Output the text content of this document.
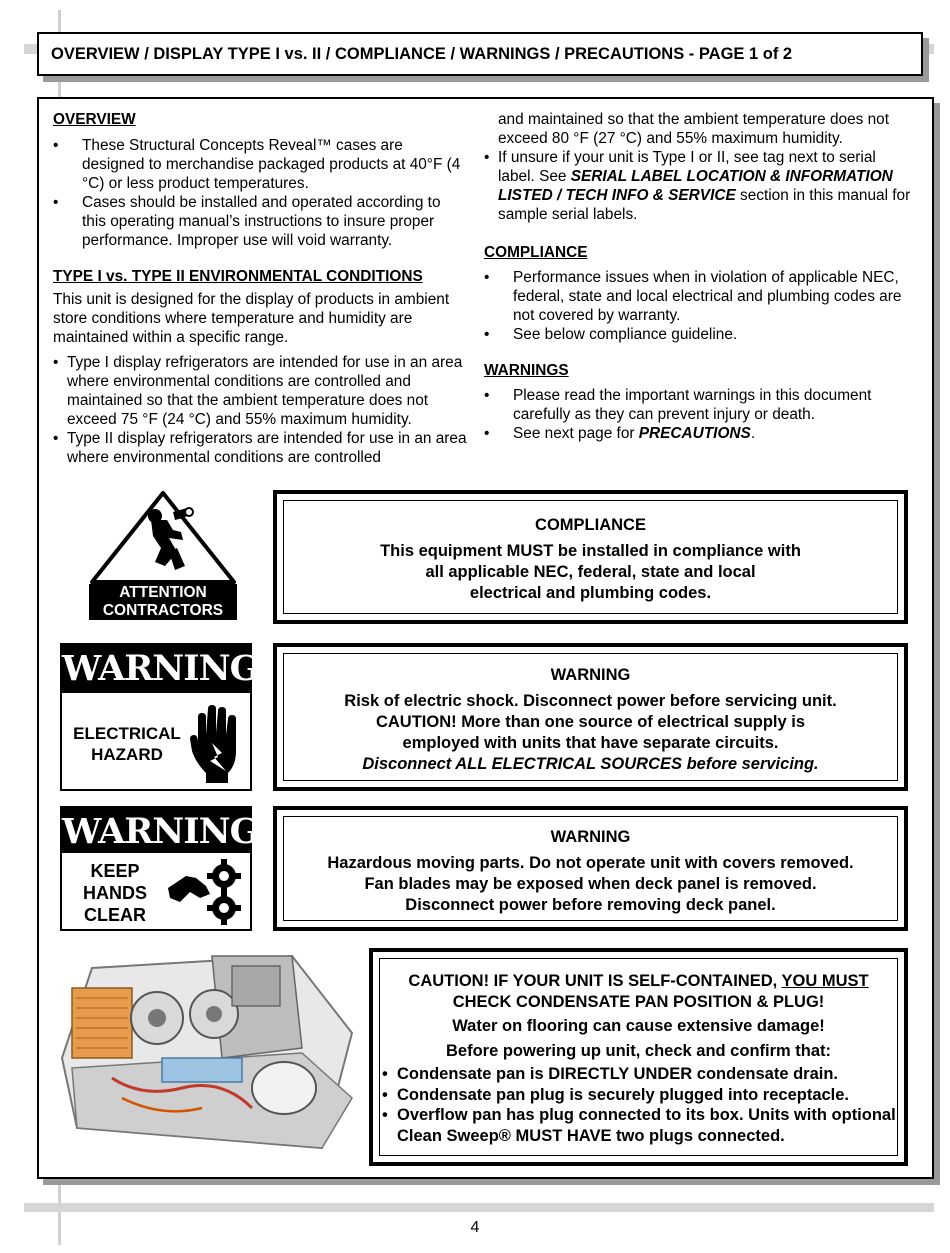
OVERVIEW / DISPLAY TYPE I vs. II / COMPLIANCE / WARNINGS / PRECAUTIONS - PAGE 1 of 2

OVERVIEW

• These Structural Concepts Reveal™ cases are designed to merchandise packaged products at 40°F (4 °C) or less product temperatures.
• Cases should be installed and operated according to this operating manual’s instructions to insure proper performance. Improper use will void warranty.

TYPE I vs. TYPE II ENVIRONMENTAL CONDITIONS

This unit is designed for the display of products in ambient store conditions where temperature and humidity are maintained within a specific range.

• Type I display refrigerators are intended for use in an area where environmental conditions are controlled and maintained so that the ambient temperature does not exceed 75 °F (24 °C) and 55% maximum humidity.
• Type II display refrigerators are intended for use in an area where environmental conditions are controlled

and maintained so that the ambient temperature does not exceed 80 °F (27 °C) and 55% maximum humidity.

• If unsure if your unit is Type I or II, see tag next to serial label. See SERIAL LABEL LOCATION & INFORMATION LISTED / TECH INFO & SERVICE section in this manual for sample serial labels.

COMPLIANCE

• Performance issues when in violation of applicable NEC, federal, state and local electrical and plumbing codes are not covered by warranty.
• See below compliance guideline.

WARNINGS

• Please read the important warnings in this document carefully as they can prevent injury or death.
• See next page for PRECAUTIONS.
ATTENTION
CONTRACTORS
COMPLIANCE
This equipment MUST be installed in compliance with
all applicable NEC, federal, state and local
electrical and plumbing codes.
WARNING
ELECTRICAL
HAZARD
WARNING
Risk of electric shock. Disconnect power before servicing unit.
CAUTION! More than one source of electrical supply is
employed with units that have separate circuits.
Disconnect ALL ELECTRICAL SOURCES before servicing.
WARNING
KEEP
HANDS
CLEAR
WARNING
Hazardous moving parts. Do not operate unit with covers removed.
Fan blades may be exposed when deck panel is removed.
Disconnect power before removing deck panel.
CAUTION! IF YOUR UNIT IS SELF-CONTAINED, YOU MUST
CHECK CONDENSATE PAN POSITION & PLUG!
Water on flooring can cause extensive damage!
Before powering up unit, check and confirm that:
• Condensate pan is DIRECTLY UNDER condensate drain.
• Condensate pan plug is securely plugged into receptacle.
• Overflow pan has plug connected to its box. Units with optional Clean Sweep® MUST HAVE two plugs connected.
4
